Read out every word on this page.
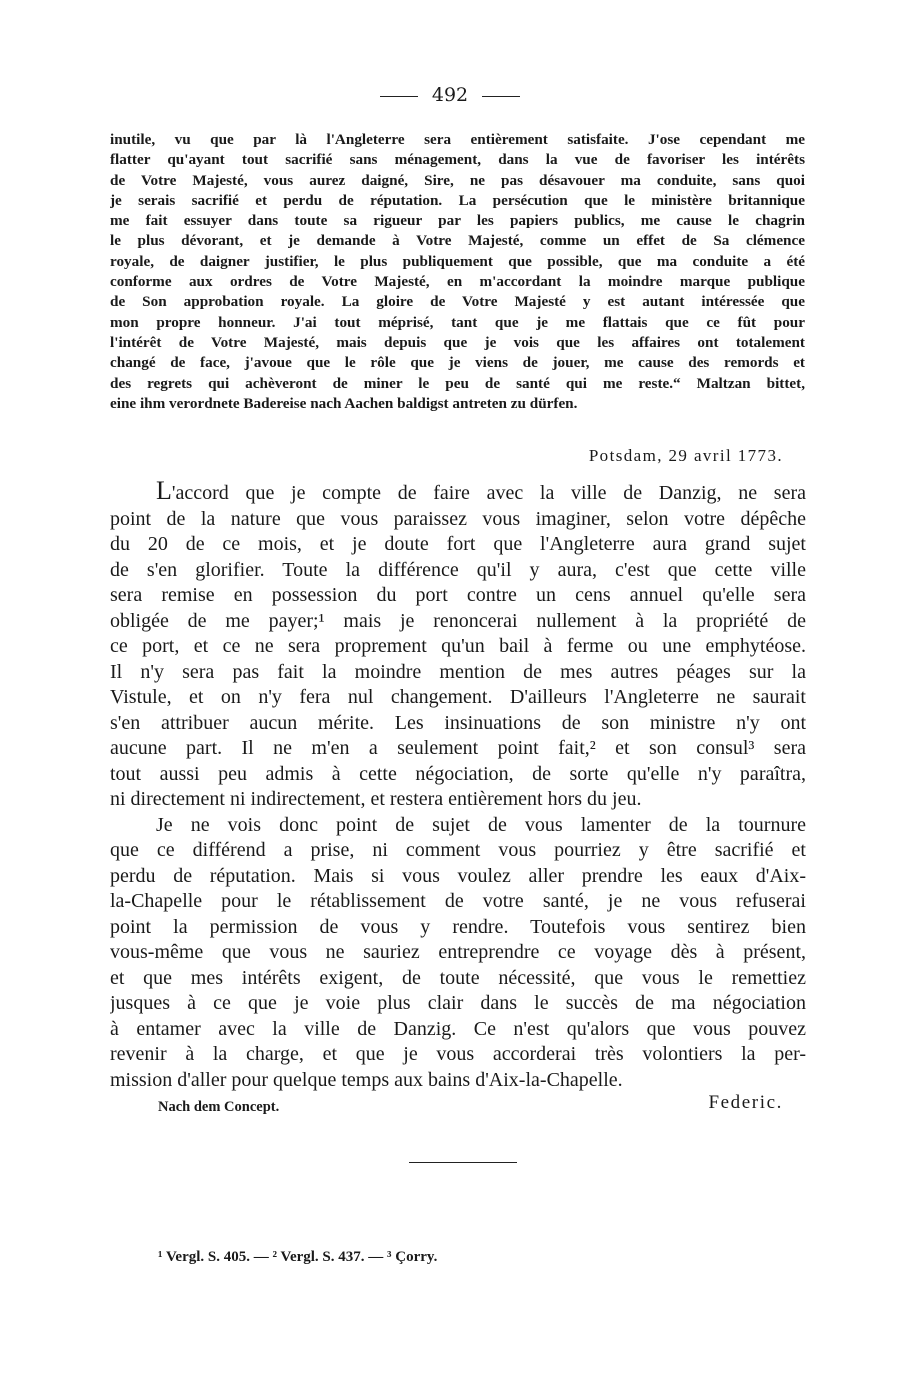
492
inutile, vu que par là l'Angleterre sera entièrement satisfaite. J'ose cependant me
flatter qu'ayant tout sacrifié sans ménagement, dans la vue de favoriser les intérêts
de Votre Majesté, vous aurez daigné, Sire, ne pas désavouer ma conduite, sans quoi
je serais sacrifié et perdu de réputation. La persécution que le ministère britannique
me fait essuyer dans toute sa rigueur par les papiers publics, me cause le chagrin
le plus dévorant, et je demande à Votre Majesté, comme un effet de Sa clémence
royale, de daigner justifier, le plus publiquement que possible, que ma conduite a été
conforme aux ordres de Votre Majesté, en m'accordant la moindre marque publique
de Son approbation royale. La gloire de Votre Majesté y est autant intéressée que
mon propre honneur. J'ai tout méprisé, tant que je me flattais que ce fût pour
l'intérêt de Votre Majesté, mais depuis que je vois que les affaires ont totalement
changé de face, j'avoue que le rôle que je viens de jouer, me cause des remords et
des regrets qui achèveront de miner le peu de santé qui me reste.“ Maltzan bittet,
eine ihm verordnete Badereise nach Aachen baldigst antreten zu dürfen.
Potsdam, 29 avril 1773.
L'accord que je compte de faire avec la ville de Danzig, ne sera
point de la nature que vous paraissez vous imaginer, selon votre dépêche
du 20 de ce mois, et je doute fort que l'Angleterre aura grand sujet
de s'en glorifier. Toute la différence qu'il y aura, c'est que cette ville
sera remise en possession du port contre un cens annuel qu'elle sera
obligée de me payer;¹ mais je renoncerai nullement à la propriété de
ce port, et ce ne sera proprement qu'un bail à ferme ou une emphytéose.
Il n'y sera pas fait la moindre mention de mes autres péages sur la
Vistule, et on n'y fera nul changement. D'ailleurs l'Angleterre ne saurait
s'en attribuer aucun mérite. Les insinuations de son ministre n'y ont
aucune part. Il ne m'en a seulement point fait,² et son consul³ sera
tout aussi peu admis à cette négociation, de sorte qu'elle n'y paraîtra,
ni directement ni indirectement, et restera entièrement hors du jeu.
Je ne vois donc point de sujet de vous lamenter de la tournure
que ce différend a prise, ni comment vous pourriez y être sacrifié et
perdu de réputation. Mais si vous voulez aller prendre les eaux d'Aix-
la-Chapelle pour le rétablissement de votre santé, je ne vous refuserai
point la permission de vous y rendre. Toutefois vous sentirez bien
vous-même que vous ne sauriez entreprendre ce voyage dès à présent,
et que mes intérêts exigent, de toute nécessité, que vous le remettiez
jusques à ce que je voie plus clair dans le succès de ma négociation
à entamer avec la ville de Danzig. Ce n'est qu'alors que vous pouvez
revenir à la charge, et que je vous accorderai très volontiers la per-
mission d'aller pour quelque temps aux bains d'Aix-la-Chapelle.
Nach dem Concept.	Federic.
¹ Vergl. S. 405. — ² Vergl. S. 437. — ³ Çorry.
